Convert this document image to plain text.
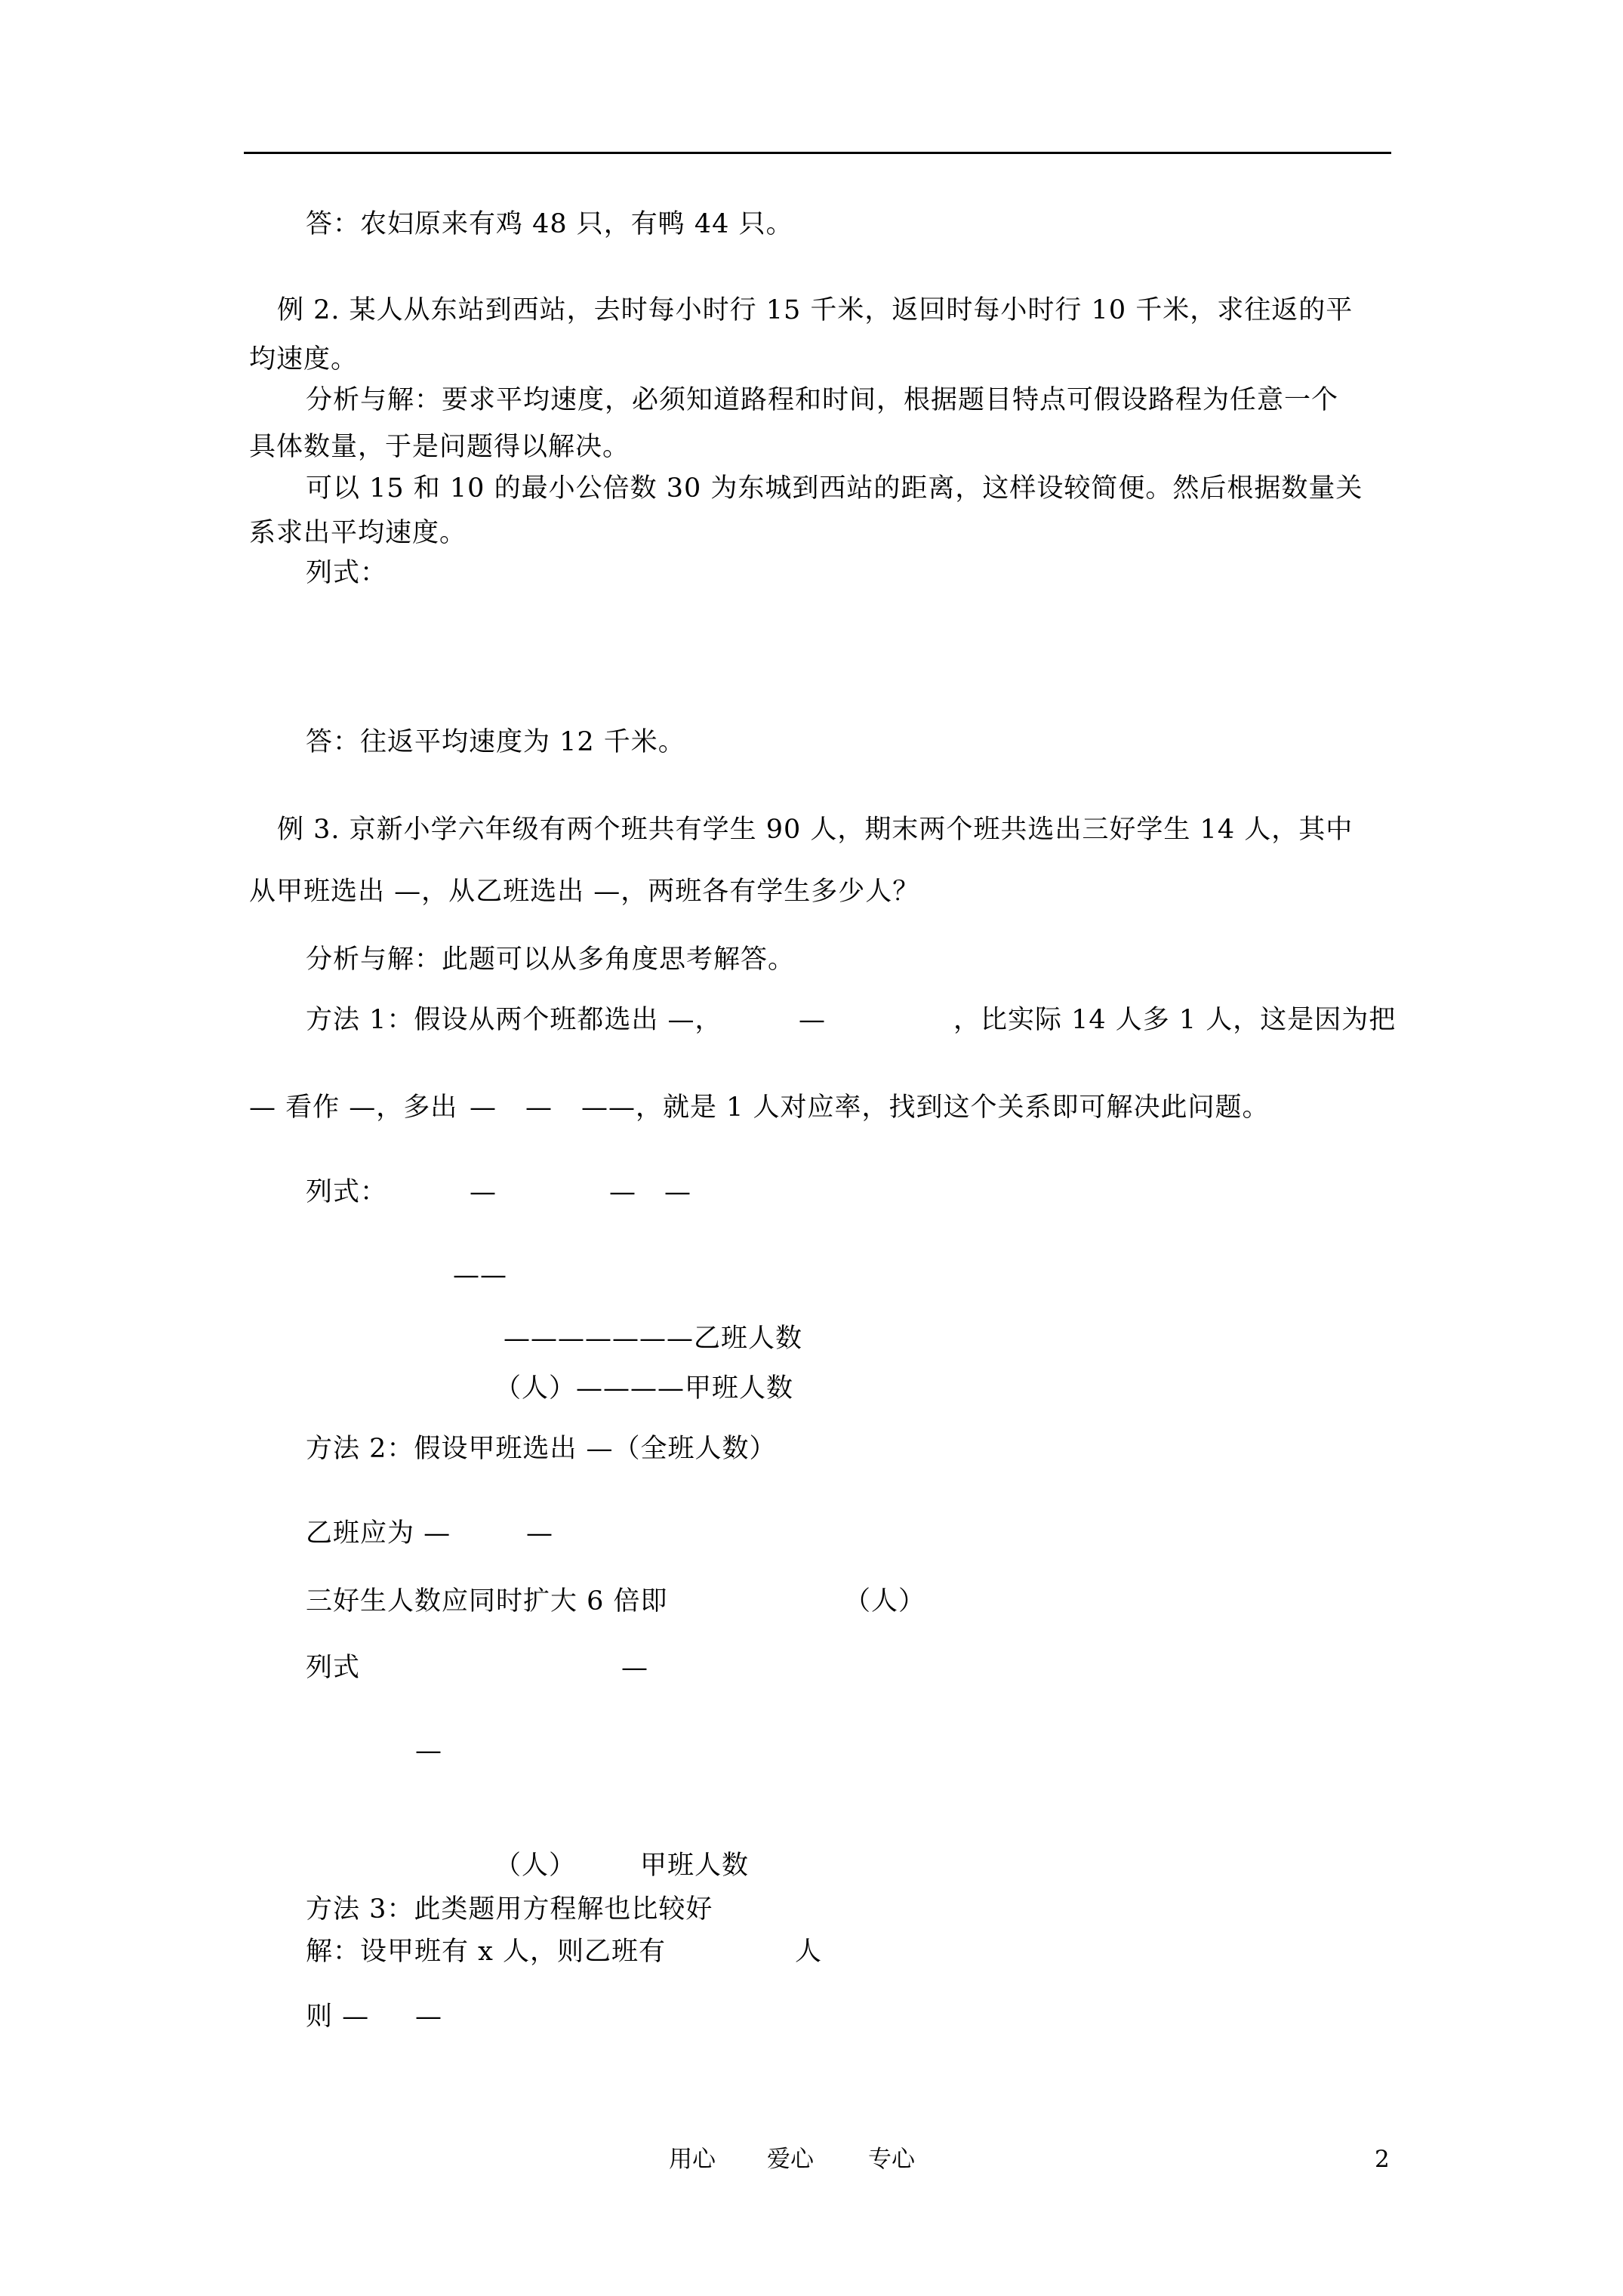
答：农妇原来有鸡 48 只，有鸭 44 只。
例 2. 某人从东站到西站，去时每小时行 15 千米，返回时每小时行 10 千米，求往返的平
均速度。
分析与解：要求平均速度，必须知道路程和时间，根据题目特点可假设路程为任意一个
具体数量，于是问题得以解决。
可以 15 和 10 的最小公倍数 30 为东城到西站的距离，这样设较简便。然后根据数量关
系求出平均速度。
列式：
答：往返平均速度为 12 千米。
例 3. 京新小学六年级有两个班共有学生 90 人，期末两个班共选出三好学生 14 人，其中
从甲班选出 —，从乙班选出 —，两班各有学生多少人？
分析与解：此题可以从多角度思考解答。
方法 1：假设从两个班都选出 —，	—	，比实际 14 人多 1 人，这是因为把
— 看作 —，多出 — — ——，就是 1 人对应率，找到这个关系即可解决此问题。
列式：	—	— —
——
———————乙班人数
（人）————甲班人数
方法 2：假设甲班选出 —（全班人数）
乙班应为 —	—
三好生人数应同时扩大 6 倍即	（人）
列式	—
—
（人） 甲班人数
方法 3：此类题用方程解也比较好
解：设甲班有 x 人，则乙班有	人
则 — —
用心 爱心 专心	2
